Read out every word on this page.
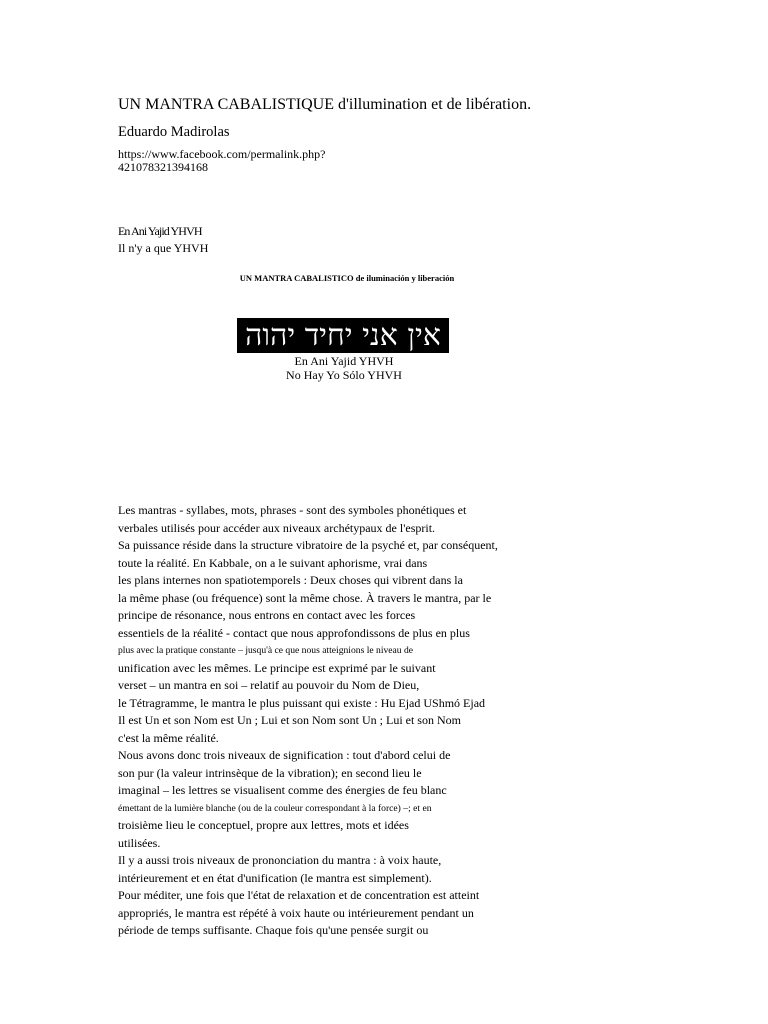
UN MANTRA CABALISTIQUE d'illumination et de libération.
Eduardo Madirolas
https://www.facebook.com/permalink.php?
421078321394168
En Ani Yajid YHVH
Il n'y a que YHVH
UN MANTRA CABALISTICO de iluminación y liberación
אין אני יחיד יהוה
En Ani Yajid YHVH
No Hay Yo Sólo YHVH
Les mantras - syllabes, mots, phrases - sont des symboles phonétiques et
verbales utilisés pour accéder aux niveaux archétypaux de l'esprit.
Sa puissance réside dans la structure vibratoire de la psyché et, par conséquent,
toute la réalité. En Kabbale, on a le suivant aphorisme, vrai dans
les plans internes non spatiotemporels : Deux choses qui vibrent dans la
la même phase (ou fréquence) sont la même chose. À travers le mantra, par le
principe de résonance, nous entrons en contact avec les forces
essentiels de la réalité - contact que nous approfondissons de plus en plus
plus avec la pratique constante – jusqu'à ce que nous atteignions le niveau de
unification avec les mêmes. Le principe est exprimé par le suivant
verset – un mantra en soi – relatif au pouvoir du Nom de Dieu,
le Tétragramme, le mantra le plus puissant qui existe : Hu Ejad UShmó Ejad
Il est Un et son Nom est Un ; Lui et son Nom sont Un ; Lui et son Nom
c'est la même réalité.
Nous avons donc trois niveaux de signification : tout d'abord celui de
son pur (la valeur intrinsèque de la vibration); en second lieu le
imaginal – les lettres se visualisent comme des énergies de feu blanc
émettant de la lumière blanche (ou de la couleur correspondant à la force) –; et en
troisième lieu le conceptuel, propre aux lettres, mots et idées
utilisées.
Il y a aussi trois niveaux de prononciation du mantra : à voix haute,
intérieurement et en état d'unification (le mantra est simplement).
Pour méditer, une fois que l'état de relaxation et de concentration est atteint
appropriés, le mantra est répété à voix haute ou intérieurement pendant un
période de temps suffisante. Chaque fois qu'une pensée surgit ou
